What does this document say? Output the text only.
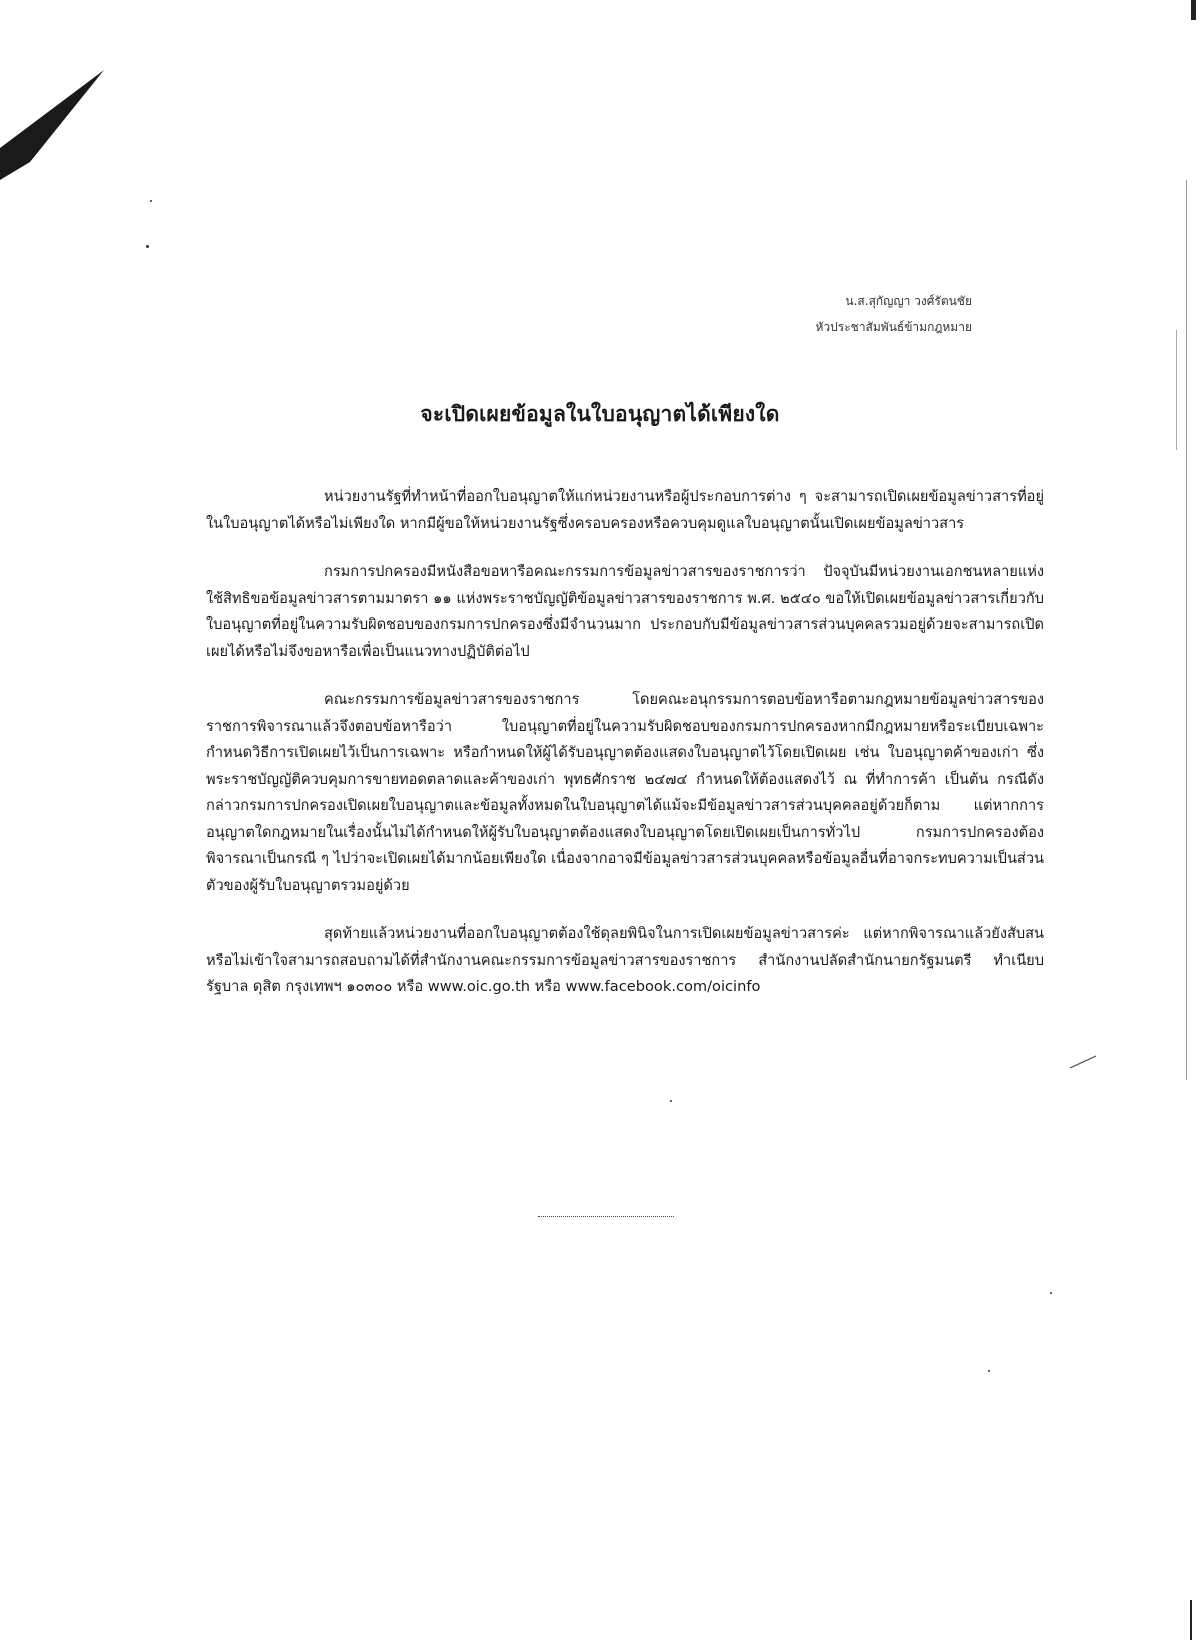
น.ส.สุกัญญา วงศ์รัตนชัย
หัวประชาสัมพันธ์ข้ามกฎหมาย
จะเปิดเผยข้อมูลในใบอนุญาตได้เพียงใด

หน่วยงานรัฐที่ทำหน้าที่ออกใบอนุญาตให้แก่หน่วยงานหรือผู้ประกอบการต่าง ๆ จะสามารถเปิดเผยข้อมูลข่าวสารที่อยู่ในใบอนุญาตได้หรือไม่เพียงใด หากมีผู้ขอให้หน่วยงานรัฐซึ่งครอบครองหรือควบคุมดูแลใบอนุญาตนั้นเปิดเผยข้อมูลข่าวสาร

กรมการปกครองมีหนังสือขอหารือคณะกรรมการข้อมูลข่าวสารของราชการว่า ปัจจุบันมีหน่วยงานเอกชนหลายแห่งใช้สิทธิขอข้อมูลข่าวสารตามมาตรา ๑๑ แห่งพระราชบัญญัติข้อมูลข่าวสารของราชการ พ.ศ. ๒๕๔๐ ขอให้เปิดเผยข้อมูลข่าวสารเกี่ยวกับใบอนุญาตที่อยู่ในความรับผิดชอบของกรมการปกครองซึ่งมีจำนวนมาก ประกอบกับมีข้อมูลข่าวสารส่วนบุคคลรวมอยู่ด้วยจะสามารถเปิดเผยได้หรือไม่จึงขอหารือเพื่อเป็นแนวทางปฏิบัติต่อไป

คณะกรรมการข้อมูลข่าวสารของราชการ โดยคณะอนุกรรมการตอบข้อหารือตามกฎหมายข้อมูลข่าวสารของราชการพิจารณาแล้วจึงตอบข้อหารือว่า ใบอนุญาตที่อยู่ในความรับผิดชอบของกรมการปกครองหากมีกฎหมายหรือระเบียบเฉพาะกำหนดวิธีการเปิดเผยไว้เป็นการเฉพาะ หรือกำหนดให้ผู้ได้รับอนุญาตต้องแสดงใบอนุญาตไว้โดยเปิดเผย เช่น ใบอนุญาตค้าของเก่า ซึ่งพระราชบัญญัติควบคุมการขายทอดตลาดและค้าของเก่า พุทธศักราช ๒๔๗๔ กำหนดให้ต้องแสดงไว้ ณ ที่ทำการค้า เป็นต้น กรณีดังกล่าวกรมการปกครองเปิดเผยใบอนุญาตและข้อมูลทั้งหมดในใบอนุญาตได้แม้จะมีข้อมูลข่าวสารส่วนบุคคลอยู่ด้วยก็ตาม แต่หากการอนุญาตใดกฎหมายในเรื่องนั้นไม่ได้กำหนดให้ผู้รับใบอนุญาตต้องแสดงใบอนุญาตโดยเปิดเผยเป็นการทั่วไป กรมการปกครองต้องพิจารณาเป็นกรณี ๆ ไปว่าจะเปิดเผยได้มากน้อยเพียงใด เนื่องจากอาจมีข้อมูลข่าวสารส่วนบุคคลหรือข้อมูลอื่นที่อาจกระทบความเป็นส่วนตัวของผู้รับใบอนุญาตรวมอยู่ด้วย

สุดท้ายแล้วหน่วยงานที่ออกใบอนุญาตต้องใช้ดุลยพินิจในการเปิดเผยข้อมูลข่าวสารค่ะ แต่หากพิจารณาแล้วยังสับสนหรือไม่เข้าใจสามารถสอบถามได้ที่สำนักงานคณะกรรมการข้อมูลข่าวสารของราชการ สำนักงานปลัดสำนักนายกรัฐมนตรี ทำเนียบรัฐบาล ดุสิต กรุงเทพฯ ๑๐๓๐๐ หรือ www.oic.go.th หรือ www.facebook.com/oicinfo
